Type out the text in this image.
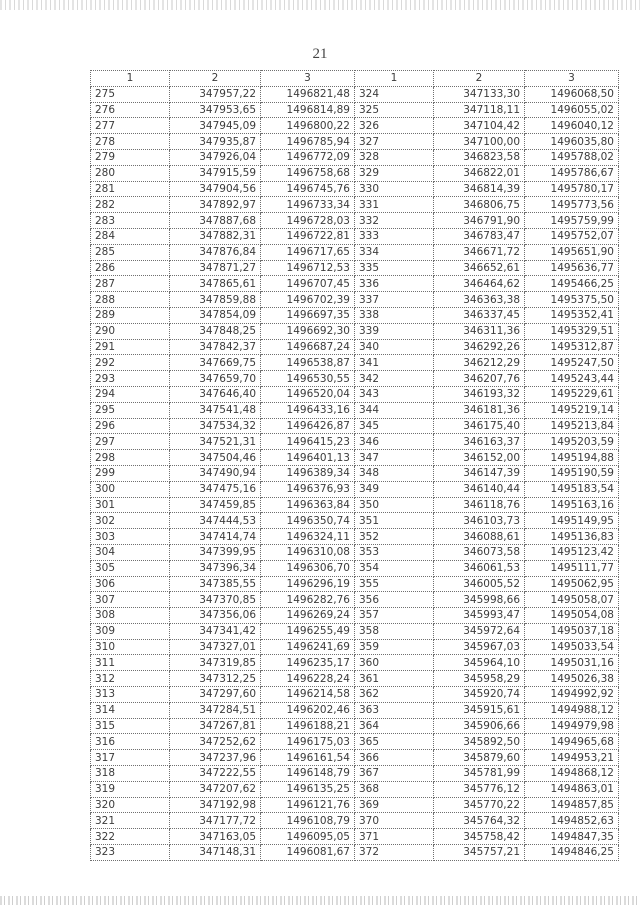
21
1	2	3	1	2	3
275	347957,22	1496821,48	324	347133,30	1496068,50
276	347953,65	1496814,89	325	347118,11	1496055,02
277	347945,09	1496800,22	326	347104,42	1496040,12
278	347935,87	1496785,94	327	347100,00	1496035,80
279	347926,04	1496772,09	328	346823,58	1495788,02
280	347915,59	1496758,68	329	346822,01	1495786,67
281	347904,56	1496745,76	330	346814,39	1495780,17
282	347892,97	1496733,34	331	346806,75	1495773,56
283	347887,68	1496728,03	332	346791,90	1495759,99
284	347882,31	1496722,81	333	346783,47	1495752,07
285	347876,84	1496717,65	334	346671,72	1495651,90
286	347871,27	1496712,53	335	346652,61	1495636,77
287	347865,61	1496707,45	336	346464,62	1495466,25
288	347859,88	1496702,39	337	346363,38	1495375,50
289	347854,09	1496697,35	338	346337,45	1495352,41
290	347848,25	1496692,30	339	346311,36	1495329,51
291	347842,37	1496687,24	340	346292,26	1495312,87
292	347669,75	1496538,87	341	346212,29	1495247,50
293	347659,70	1496530,55	342	346207,76	1495243,44
294	347646,40	1496520,04	343	346193,32	1495229,61
295	347541,48	1496433,16	344	346181,36	1495219,14
296	347534,32	1496426,87	345	346175,40	1495213,84
297	347521,31	1496415,23	346	346163,37	1495203,59
298	347504,46	1496401,13	347	346152,00	1495194,88
299	347490,94	1496389,34	348	346147,39	1495190,59
300	347475,16	1496376,93	349	346140,44	1495183,54
301	347459,85	1496363,84	350	346118,76	1495163,16
302	347444,53	1496350,74	351	346103,73	1495149,95
303	347414,74	1496324,11	352	346088,61	1495136,83
304	347399,95	1496310,08	353	346073,58	1495123,42
305	347396,34	1496306,70	354	346061,53	1495111,77
306	347385,55	1496296,19	355	346005,52	1495062,95
307	347370,85	1496282,76	356	345998,66	1495058,07
308	347356,06	1496269,24	357	345993,47	1495054,08
309	347341,42	1496255,49	358	345972,64	1495037,18
310	347327,01	1496241,69	359	345967,03	1495033,54
311	347319,85	1496235,17	360	345964,10	1495031,16
312	347312,25	1496228,24	361	345958,29	1495026,38
313	347297,60	1496214,58	362	345920,74	1494992,92
314	347284,51	1496202,46	363	345915,61	1494988,12
315	347267,81	1496188,21	364	345906,66	1494979,98
316	347252,62	1496175,03	365	345892,50	1494965,68
317	347237,96	1496161,54	366	345879,60	1494953,21
318	347222,55	1496148,79	367	345781,99	1494868,12
319	347207,62	1496135,25	368	345776,12	1494863,01
320	347192,98	1496121,76	369	345770,22	1494857,85
321	347177,72	1496108,79	370	345764,32	1494852,63
322	347163,05	1496095,05	371	345758,42	1494847,35
323	347148,31	1496081,67	372	345757,21	1494846,25
